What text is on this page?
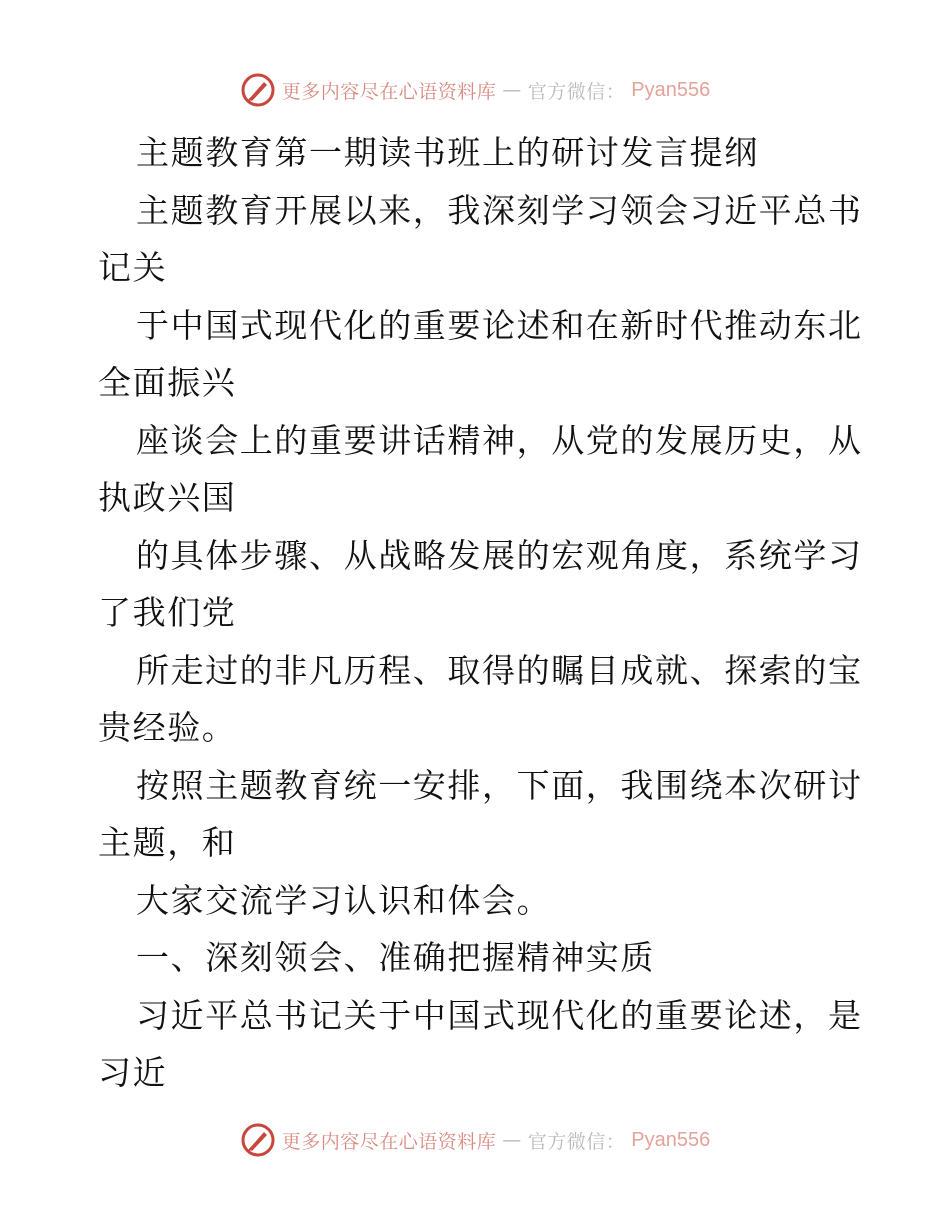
更多内容尽在心语资料库 — 官方微信： Pyan556

主题教育第一期读书班上的研讨发言提纲

主题教育开展以来，我深刻学习领会习近平总书

记关

于中国式现代化的重要论述和在新时代推动东北

全面振兴

座谈会上的重要讲话精神，从党的发展历史，从

执政兴国

的具体步骤、从战略发展的宏观角度，系统学习

了我们党

所走过的非凡历程、取得的瞩目成就、探索的宝

贵经验。

按照主题教育统一安排，下面，我围绕本次研讨

主题，和

大家交流学习认识和体会。

一、深刻领会、准确把握精神实质

习近平总书记关于中国式现代化的重要论述，是

习近

更多内容尽在心语资料库 — 官方微信： Pyan556
